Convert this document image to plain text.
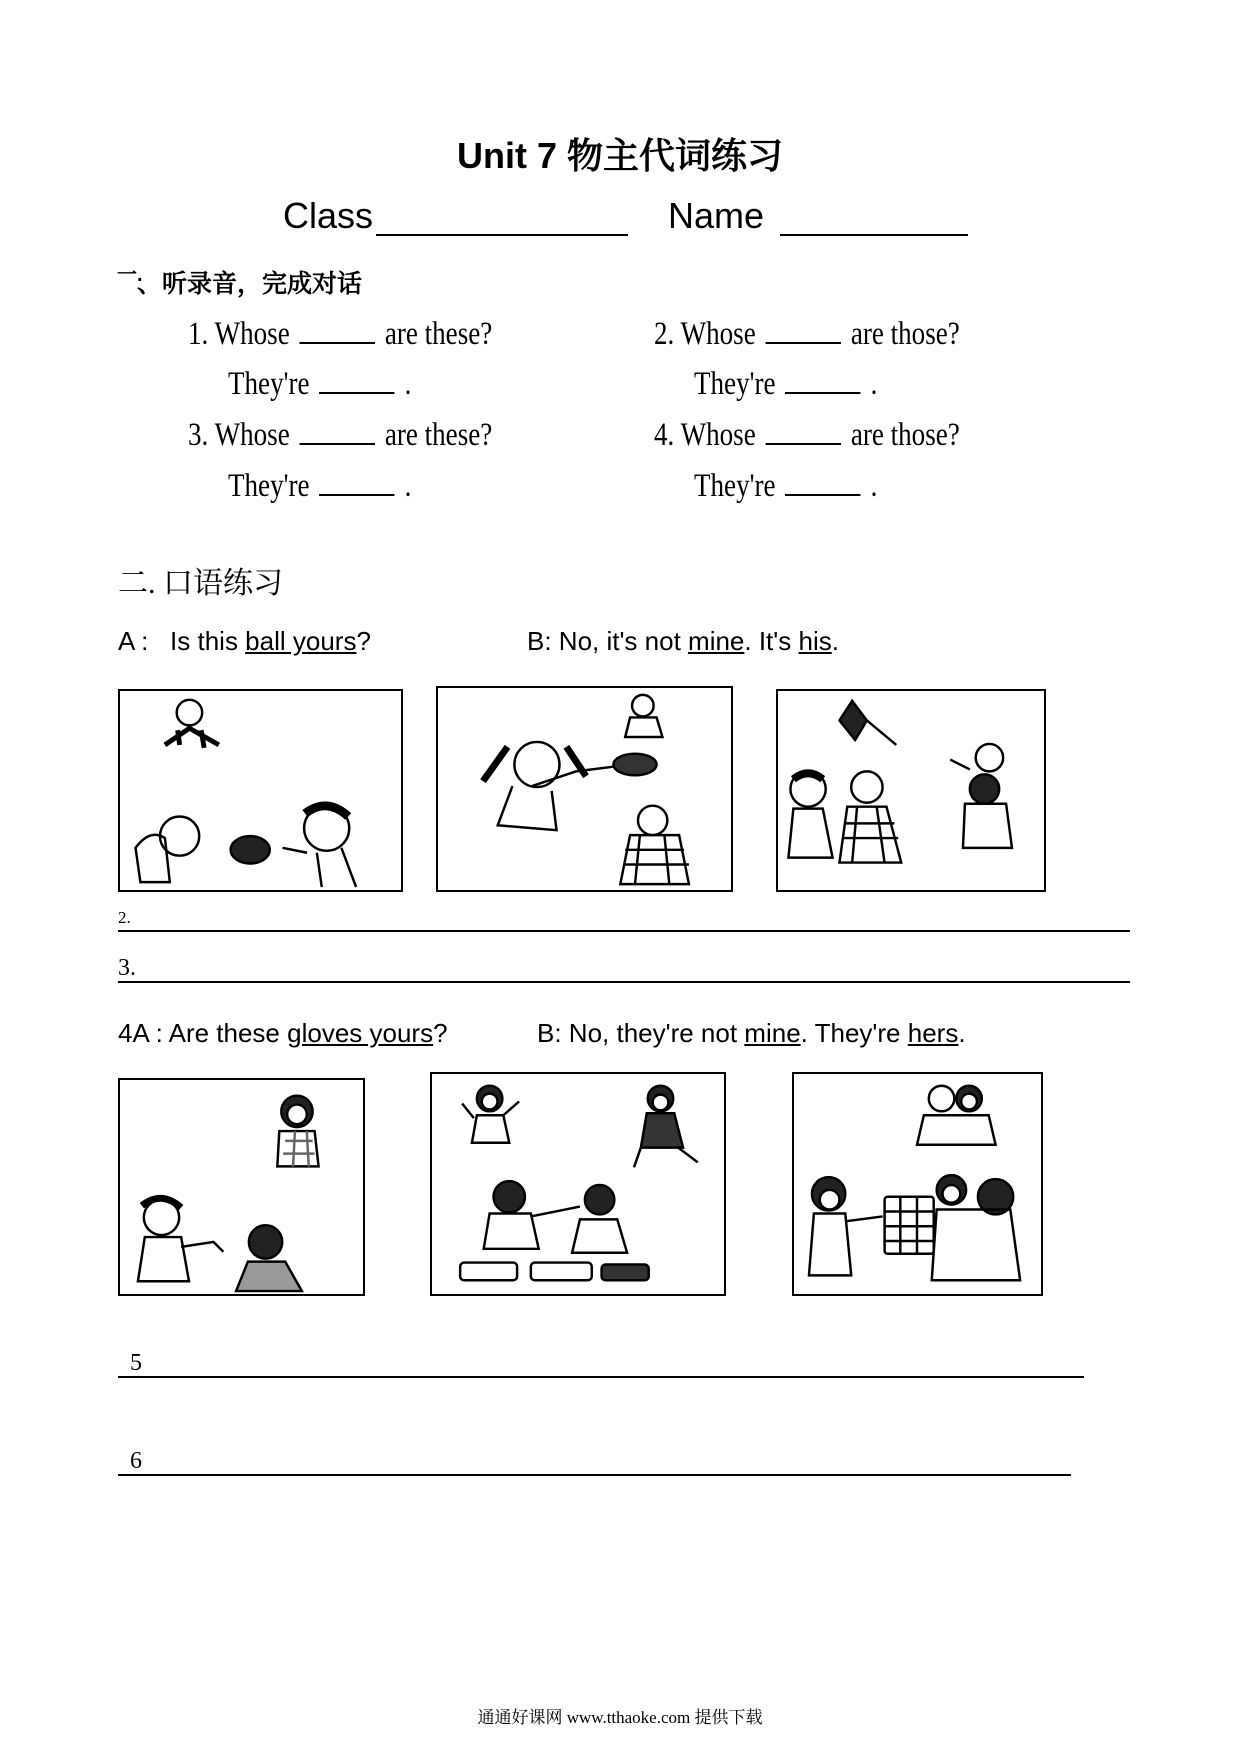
Unit 7 物主代词练习
Class	Name
一.
、听录音，完成对话
1. Whose	are these?
They're	.
2. Whose	are those?
They're	.
3. Whose	are these?
They're	.
4. Whose	are those?
They're	.
二. 口语练习
A : Is this ball yours?	B: No, it's not mine. It's his.
2.
3.
4A : Are these gloves yours?	B: No, they're not mine. They're hers.
5
6
通通好课网 www.tthaoke.com 提供下载
